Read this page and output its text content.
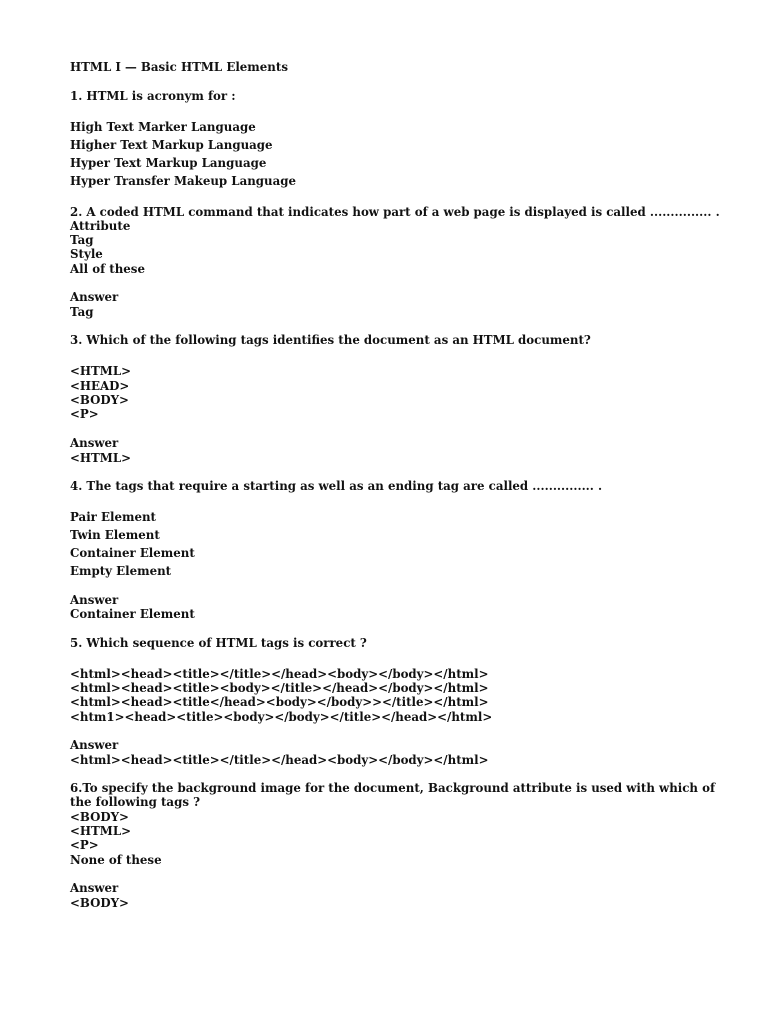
HTML I — Basic HTML Elements
1. HTML is acronym for :
High Text Marker Language
Higher Text Markup Language
Hyper Text Markup Language
Hyper Transfer Makeup Language
2. A coded HTML command that indicates how part of a web page is displayed is called ............... .
Attribute
Tag
Style
All of these
Answer
Tag
3. Which of the following tags identifies the document as an HTML document?
<HTML>
<HEAD>
<BODY>
<P>
Answer
<HTML>
4. The tags that require a starting as well as an ending tag are called ............... .
Pair Element
Twin Element
Container Element
Empty Element
Answer
Container Element
5. Which sequence of HTML tags is correct ?
<html><head><title></title></head><body></body></html>
<html><head><title><body></title></head></body></html>
<html><head><title</head><body></body>></title></html>
<htm1><head><title><body></body></title></head></html>
Answer
<html><head><title></title></head><body></body></html>
6.To specify the background image for the document, Background attribute is used with which of the following tags ?
<BODY>
<HTML>
<P>
None of these
Answer
<BODY>
